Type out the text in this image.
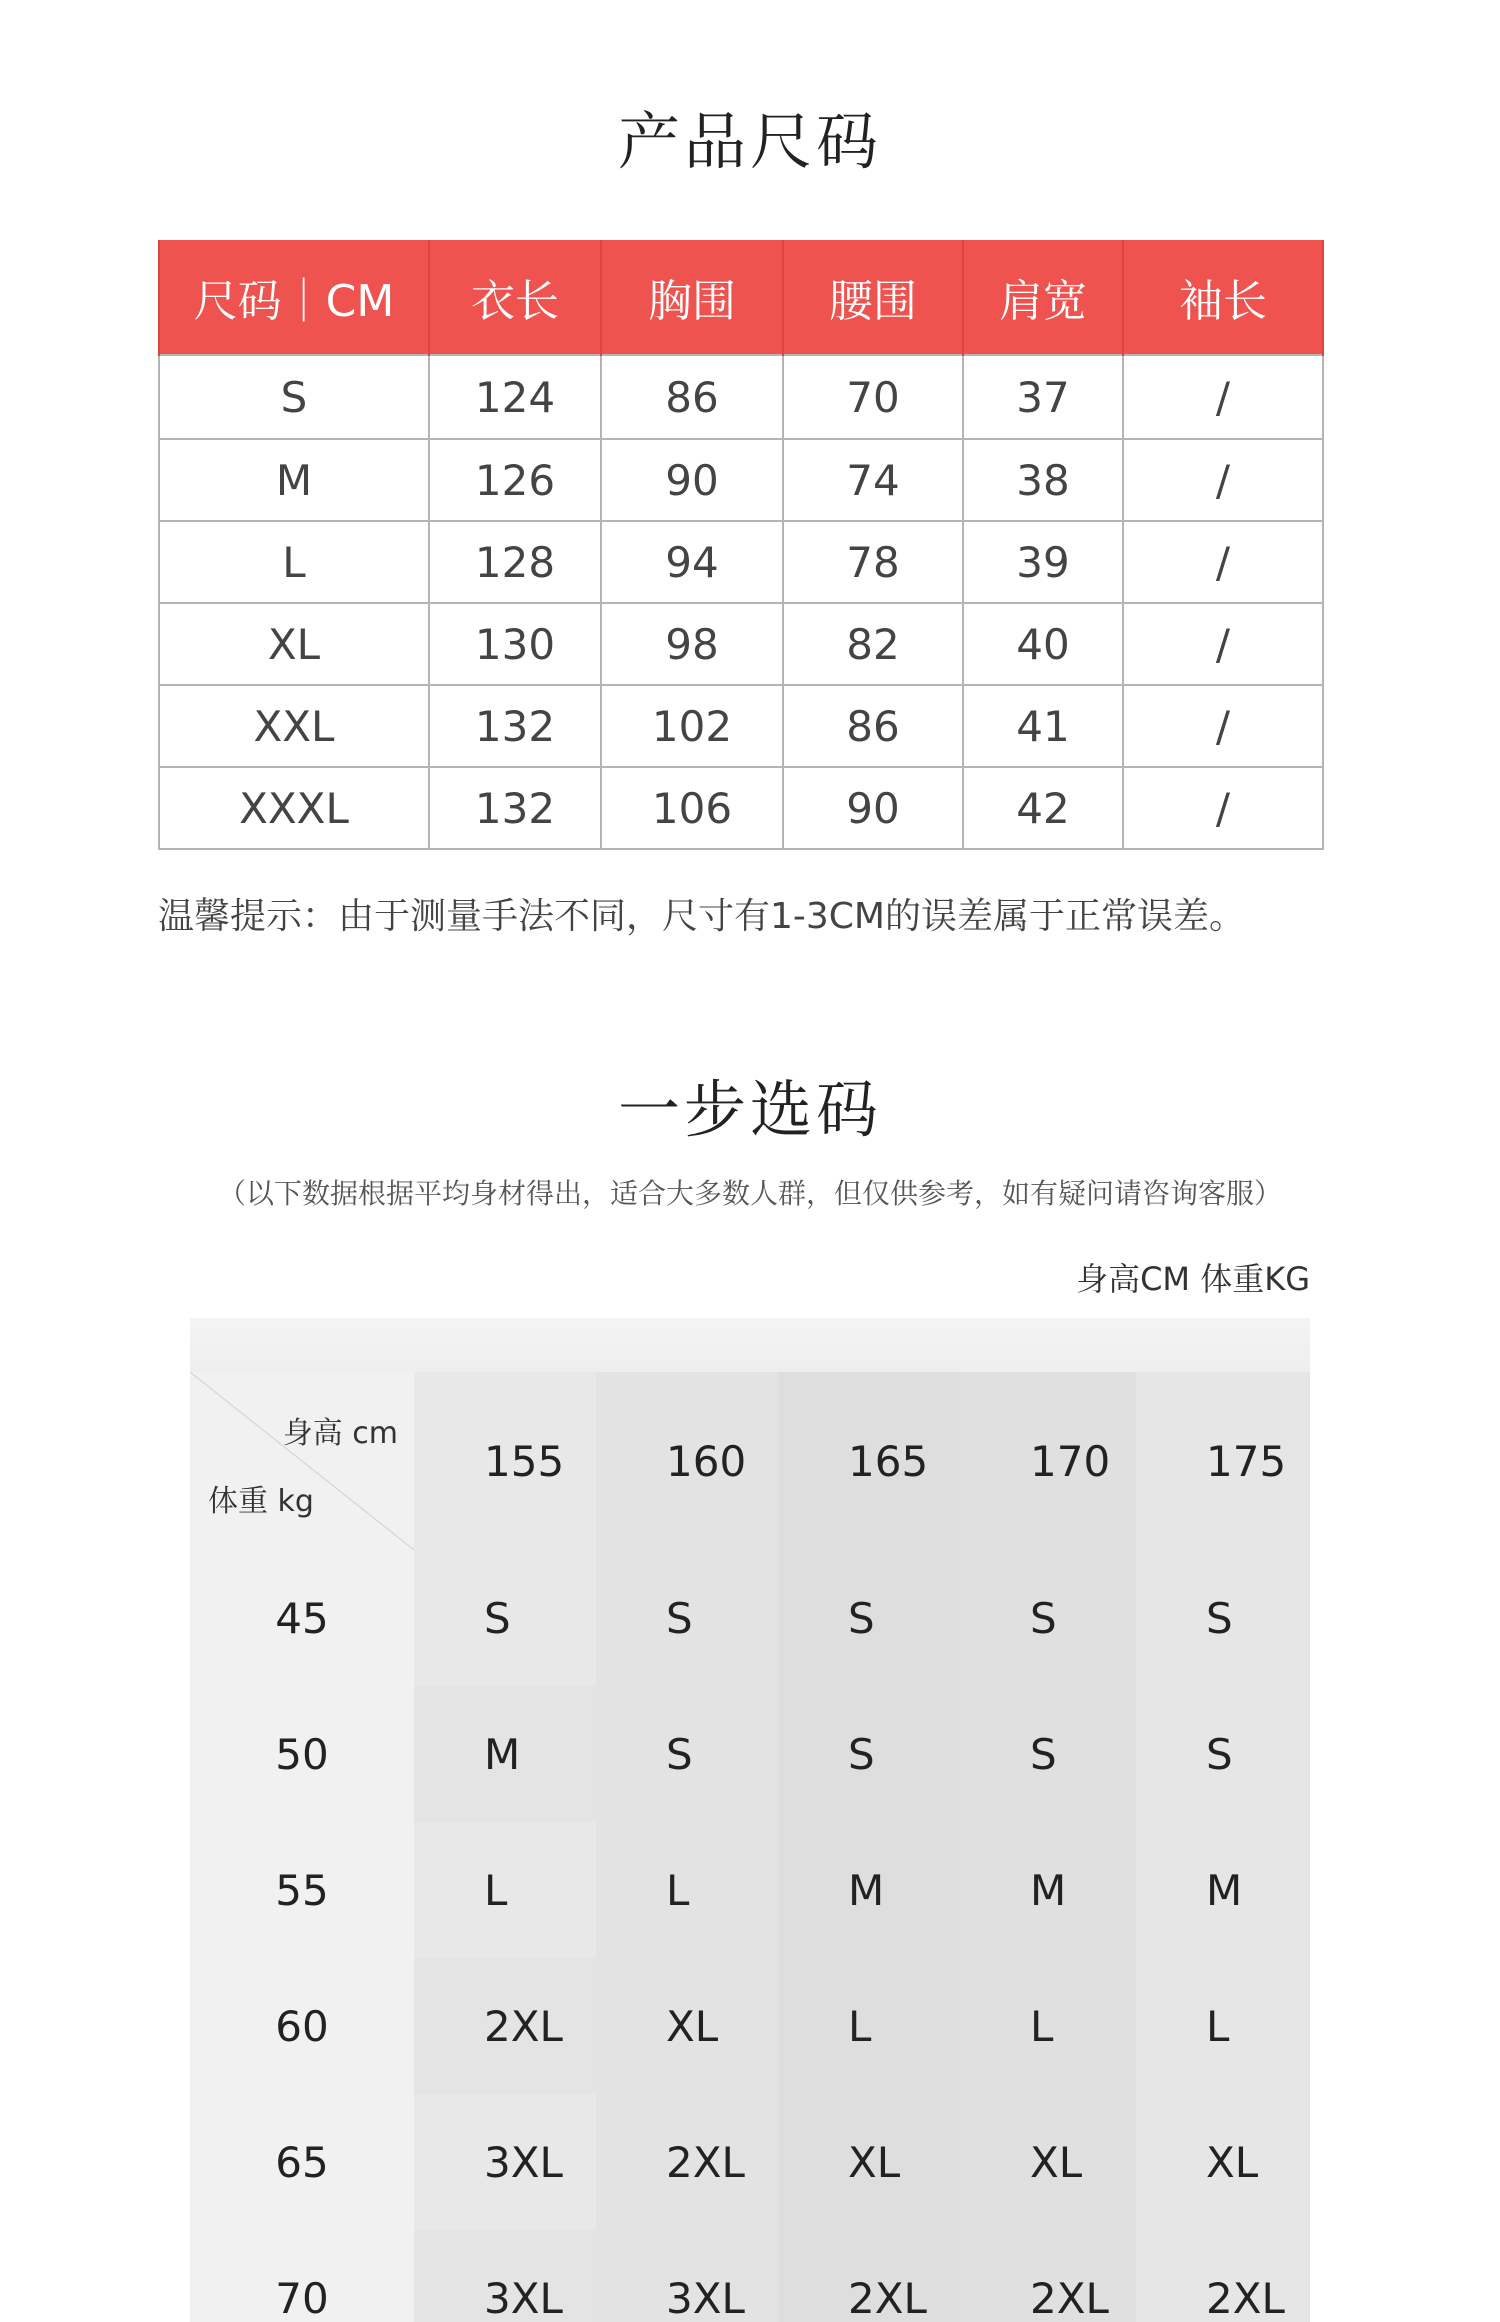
产品尺码
尺码｜CM	衣长	胸围	腰围	肩宽	袖长
S	124	86	70	37	/
M	126	90	74	38	/
L	128	94	78	39	/
XL	130	98	82	40	/
XXL	132	102	86	41	/
XXXL	132	106	90	42	/
温馨提示：由于测量手法不同，尺寸有1-3CM的误差属于正常误差。
一步选码
（以下数据根据平均身材得出，适合大多数人群，但仅供参考，如有疑问请咨询客服）
身高CM 体重KG
身高 cm
体重 kg	155	160	165	170	175
45	S	S	S	S	S
50	M	S	S	S	S
55	L	L	M	M	M
60	2XL	XL	L	L	L
65	3XL	2XL	XL	XL	XL
70	3XL	3XL	2XL	2XL	2XL
